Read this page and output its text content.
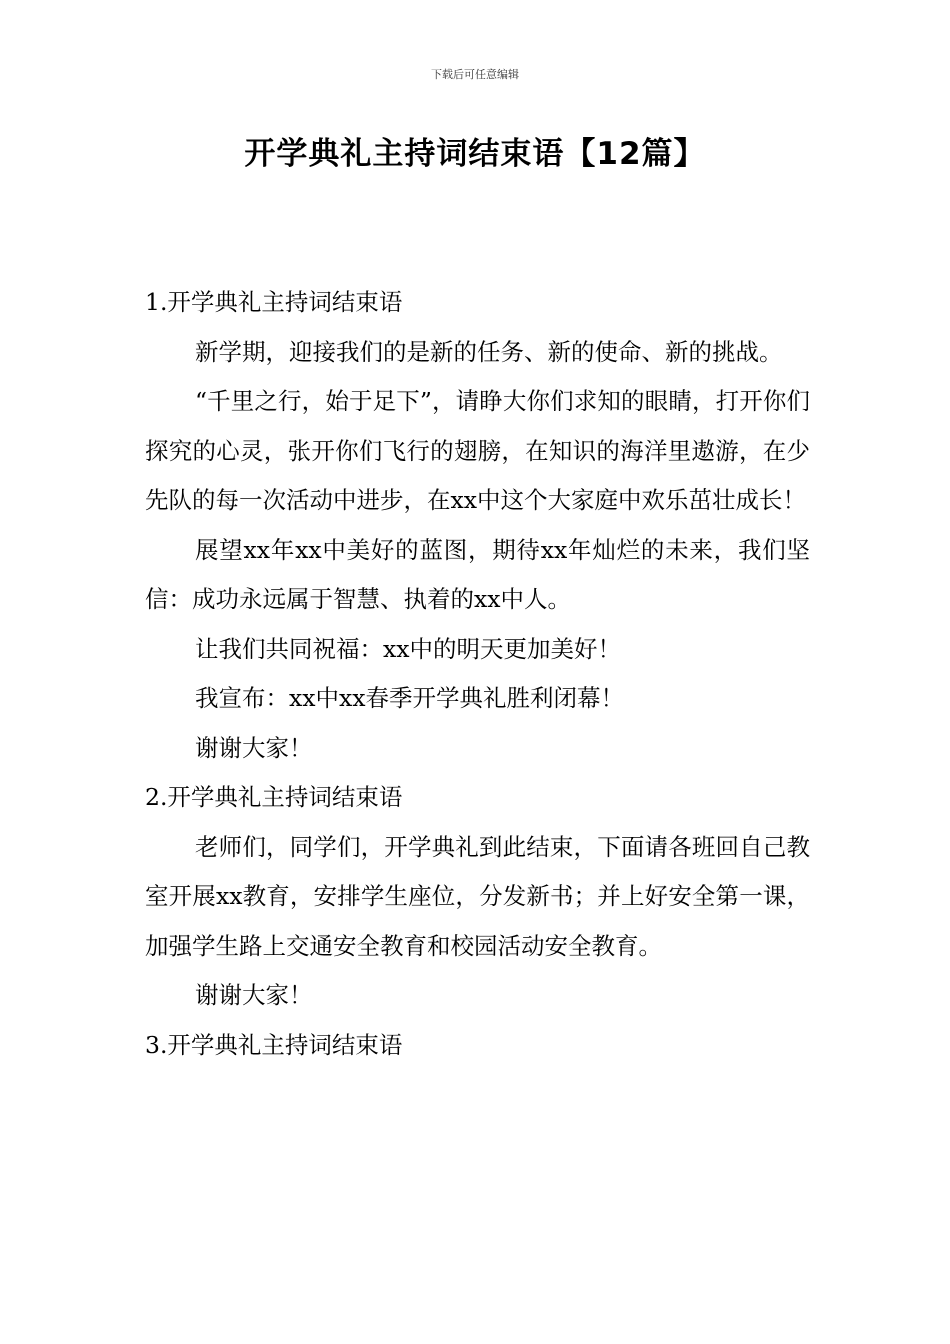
下载后可任意编辑
开学典礼主持词结束语【12篇】

1.开学典礼主持词结束语

新学期，迎接我们的是新的任务、新的使命、新的挑战。

“千里之行，始于足下”，请睁大你们求知的眼睛，打开你们探究的心灵，张开你们飞行的翅膀，在知识的海洋里遨游，在少先队的每一次活动中进步，在xx中这个大家庭中欢乐茁壮成长！

展望xx年xx中美好的蓝图，期待xx年灿烂的未来，我们坚信：成功永远属于智慧、执着的xx中人。

让我们共同祝福：xx中的明天更加美好！

我宣布：xx中xx春季开学典礼胜利闭幕！

谢谢大家！

2.开学典礼主持词结束语

老师们，同学们，开学典礼到此结束，下面请各班回自己教室开展xx教育，安排学生座位，分发新书；并上好安全第一课，加强学生路上交通安全教育和校园活动安全教育。

谢谢大家！

3.开学典礼主持词结束语
